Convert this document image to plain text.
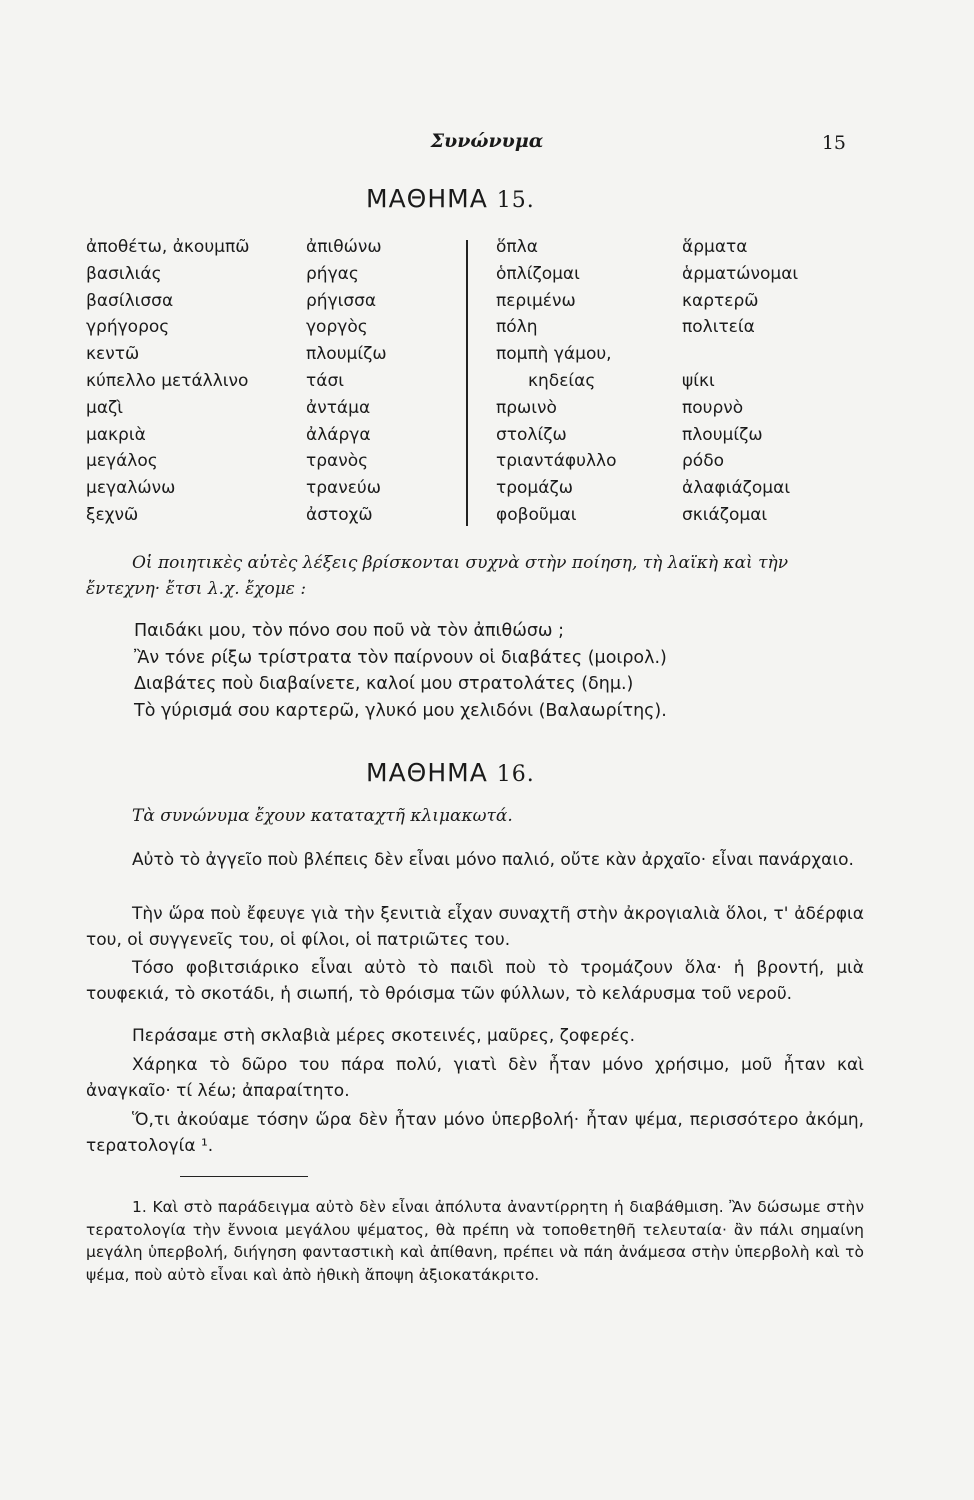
Συνώνυμα	15
ΜΑΘΗΜΑ 15.
ἀποθέτω, ἀκουμπῶ
βασιλιάς
βασίλισσα
γρήγορος
κεντῶ
κύπελλο μετάλλινο
μαζὶ
μακριὰ
μεγάλος
μεγαλώνω
ξεχνῶ
ἀπιθώνω
ρήγας
ρήγισσα
γοργὸς
πλουμίζω
τάσι
ἀντάμα
ἀλάργα
τρανὸς
τρανεύω
ἀστοχῶ
ὅπλα
ὁπλίζομαι
περιμένω
πόλη
πομπὴ γάμου,
κηδείας
πρωινὸ
στολίζω
τριαντάφυλλο
τρομάζω
φοβοῦμαι
ἅρματα
ἁρματώνομαι
καρτερῶ
πολιτεία
ψίκι
πουρνὸ
πλουμίζω
ρόδο
ἀλαφιάζομαι
σκιάζομαι
Οἱ ποιητικὲς αὐτὲς λέξεις βρίσκονται συχνὰ στὴν ποίηση, τὴ λαϊκὴ καὶ τὴν
ἔντεχνη· ἔτσι λ.χ. ἔχομε :
Παιδάκι μου, τὸν πόνο σου ποῦ νὰ τὸν ἀπιθώσω ;
Ἂν τόνε ρίξω τρίστρατα τὸν παίρνουν οἱ διαβάτες (μοιρολ.)
Διαβάτες ποὺ διαβαίνετε, καλοί μου στρατολάτες (δημ.)
Τὸ γύρισμά σου καρτερῶ, γλυκό μου χελιδόνι (Βαλαωρίτης).
ΜΑΘΗΜΑ 16.
Τὰ συνώνυμα ἔχουν καταταχτῆ κλιμακωτά.
Αὐτὸ τὸ ἀγγεῖο ποὺ βλέπεις δὲν εἶναι μόνο παλιό, οὔτε κὰν ἀρχαῖο· εἶναι πανάρχαιο.
Τὴν ὥρα ποὺ ἔφευγε γιὰ τὴν ξενιτιὰ εἶχαν συναχτῆ στὴν ἀκρογιαλιὰ ὅλοι, τ' ἀδέρφια του, οἱ συγγενεῖς του, οἱ φίλοι, οἱ πατριῶτες του.
Τόσο φοβιτσιάρικο εἶναι αὐτὸ τὸ παιδὶ ποὺ τὸ τρομάζουν ὅλα· ἡ βροντή, μιὰ τουφεκιά, τὸ σκοτάδι, ἡ σιωπή, τὸ θρόισμα τῶν φύλλων, τὸ κελάρυσμα τοῦ νεροῦ.
Περάσαμε στὴ σκλαβιὰ μέρες σκοτεινές, μαῦρες, ζοφερές.
Χάρηκα τὸ δῶρο του πάρα πολύ, γιατὶ δὲν ἦταν μόνο χρήσιμο, μοῦ ἦταν καὶ ἀναγκαῖο· τί λέω; ἀπαραίτητο.
Ὅ,τι ἀκούαμε τόσην ὥρα δὲν ἦταν μόνο ὑπερβολή· ἦταν ψέμα, περισσότερο ἀκόμη, τερατολογία ¹.
1. Καὶ στὸ παράδειγμα αὐτὸ δὲν εἶναι ἀπόλυτα ἀναντίρρητη ἡ διαβάθμιση. Ἂν δώσωμε στὴν τερατολογία τὴν ἔννοια μεγάλου ψέματος, θὰ πρέπη νὰ τοποθετηθῆ τελευταία· ἂν πάλι σημαίνη μεγάλη ὑπερβολή, διήγηση φανταστικὴ καὶ ἀπίθανη, πρέπει νὰ πάη ἀνάμεσα στὴν ὑπερβολὴ καὶ τὸ ψέμα, ποὺ αὐτὸ εἶναι καὶ ἀπὸ ἠθικὴ ἄποψη ἀξιοκατάκριτο.
